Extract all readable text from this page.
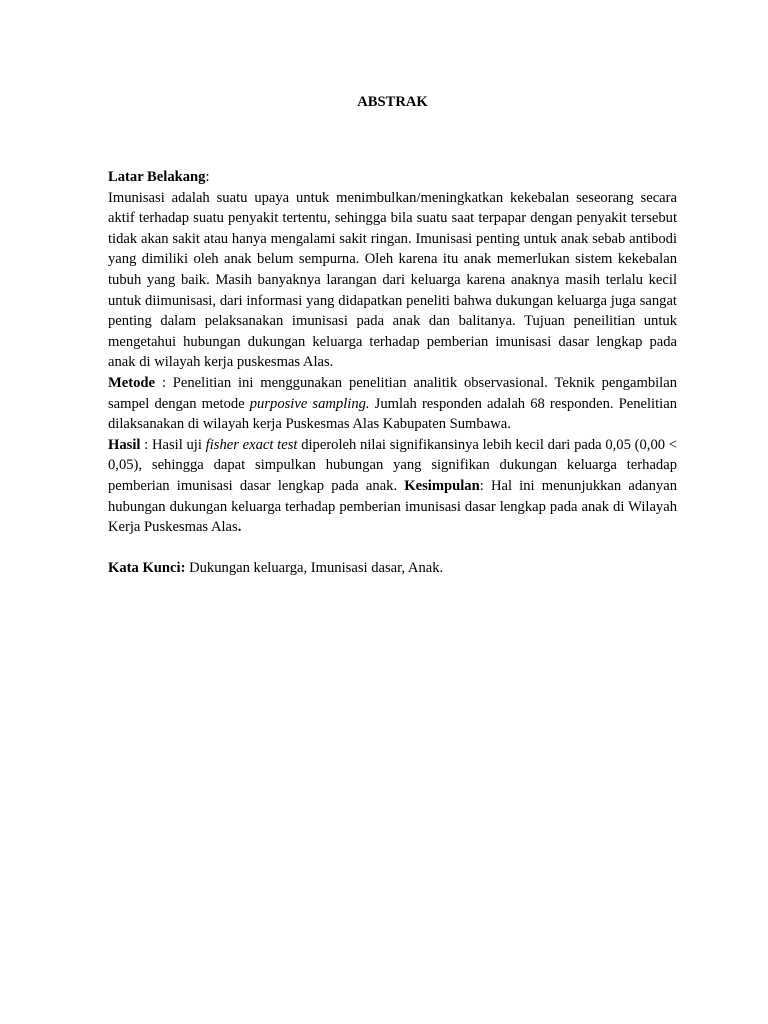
ABSTRAK

Latar Belakang:

Imunisasi adalah suatu upaya untuk menimbulkan/meningkatkan kekebalan seseorang secara aktif terhadap suatu penyakit tertentu, sehingga bila suatu saat terpapar dengan penyakit tersebut tidak akan sakit atau hanya mengalami sakit ringan. Imunisasi penting untuk anak sebab antibodi yang dimiliki oleh anak belum sempurna. Oleh karena itu anak memerlukan sistem kekebalan tubuh yang baik. Masih banyaknya larangan dari keluarga karena anaknya masih terlalu kecil untuk diimunisasi, dari informasi yang didapatkan peneliti bahwa dukungan keluarga juga sangat penting dalam pelaksanakan imunisasi pada anak dan balitanya. Tujuan peneilitian untuk mengetahui hubungan dukungan keluarga terhadap pemberian imunisasi dasar lengkap pada anak di wilayah kerja puskesmas Alas.

Metode : Penelitian ini menggunakan penelitian analitik observasional. Teknik pengambilan sampel dengan metode purposive sampling. Jumlah responden adalah 68 responden. Penelitian dilaksanakan di wilayah kerja Puskesmas Alas Kabupaten Sumbawa.

Hasil : Hasil uji fisher exact test diperoleh nilai signifikansinya lebih kecil dari pada 0,05 (0,00 < 0,05), sehingga dapat simpulkan hubungan yang signifikan dukungan keluarga terhadap pemberian imunisasi dasar lengkap pada anak. Kesimpulan: Hal ini menunjukkan adanyan hubungan dukungan keluarga terhadap pemberian imunisasi dasar lengkap pada anak di Wilayah Kerja Puskesmas Alas.

Kata Kunci: Dukungan keluarga, Imunisasi dasar, Anak.
